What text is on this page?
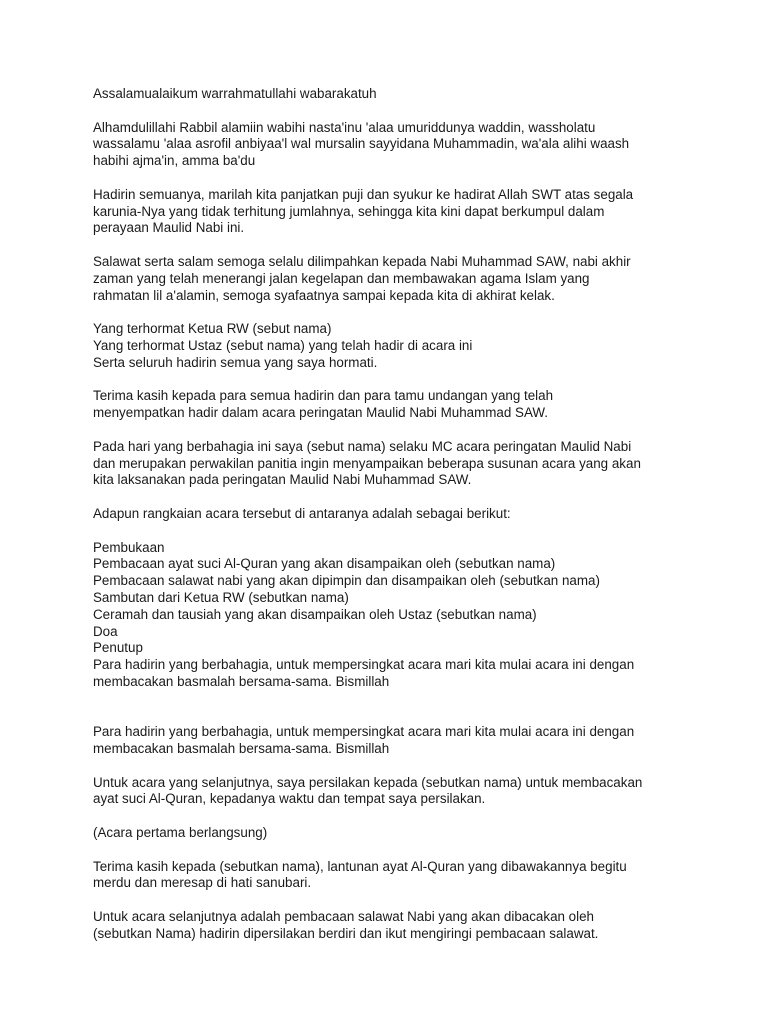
Assalamualaikum warrahmatullahi wabarakatuh

Alhamdulillahi Rabbil alamiin wabihi nasta'inu 'alaa umuriddunya waddin, wassholatu
wassalamu 'alaa asrofil anbiyaa'l wal mursalin sayyidana Muhammadin, wa'ala alihi waash
habihi ajma'in, amma ba'du

Hadirin semuanya, marilah kita panjatkan puji dan syukur ke hadirat Allah SWT atas segala
karunia-Nya yang tidak terhitung jumlahnya, sehingga kita kini dapat berkumpul dalam
perayaan Maulid Nabi ini.

Salawat serta salam semoga selalu dilimpahkan kepada Nabi Muhammad SAW, nabi akhir
zaman yang telah menerangi jalan kegelapan dan membawakan agama Islam yang
rahmatan lil a'alamin, semoga syafaatnya sampai kepada kita di akhirat kelak.

Yang terhormat Ketua RW (sebut nama)
Yang terhormat Ustaz (sebut nama) yang telah hadir di acara ini
Serta seluruh hadirin semua yang saya hormati.

Terima kasih kepada para semua hadirin dan para tamu undangan yang telah
menyempatkan hadir dalam acara peringatan Maulid Nabi Muhammad SAW.

Pada hari yang berbahagia ini saya (sebut nama) selaku MC acara peringatan Maulid Nabi
dan merupakan perwakilan panitia ingin menyampaikan beberapa susunan acara yang akan
kita laksanakan pada peringatan Maulid Nabi Muhammad SAW.

Adapun rangkaian acara tersebut di antaranya adalah sebagai berikut:

Pembukaan
Pembacaan ayat suci Al-Quran yang akan disampaikan oleh (sebutkan nama)
Pembacaan salawat nabi yang akan dipimpin dan disampaikan oleh (sebutkan nama)
Sambutan dari Ketua RW (sebutkan nama)
Ceramah dan tausiah yang akan disampaikan oleh Ustaz (sebutkan nama)
Doa
Penutup
Para hadirin yang berbahagia, untuk mempersingkat acara mari kita mulai acara ini dengan
membacakan basmalah bersama-sama. Bismillah

Para hadirin yang berbahagia, untuk mempersingkat acara mari kita mulai acara ini dengan
membacakan basmalah bersama-sama. Bismillah

Untuk acara yang selanjutnya, saya persilakan kepada (sebutkan nama) untuk membacakan
ayat suci Al-Quran, kepadanya waktu dan tempat saya persilakan.

(Acara pertama berlangsung)

Terima kasih kepada (sebutkan nama), lantunan ayat Al-Quran yang dibawakannya begitu
merdu dan meresap di hati sanubari.

Untuk acara selanjutnya adalah pembacaan salawat Nabi yang akan dibacakan oleh
(sebutkan Nama) hadirin dipersilakan berdiri dan ikut mengiringi pembacaan salawat.
